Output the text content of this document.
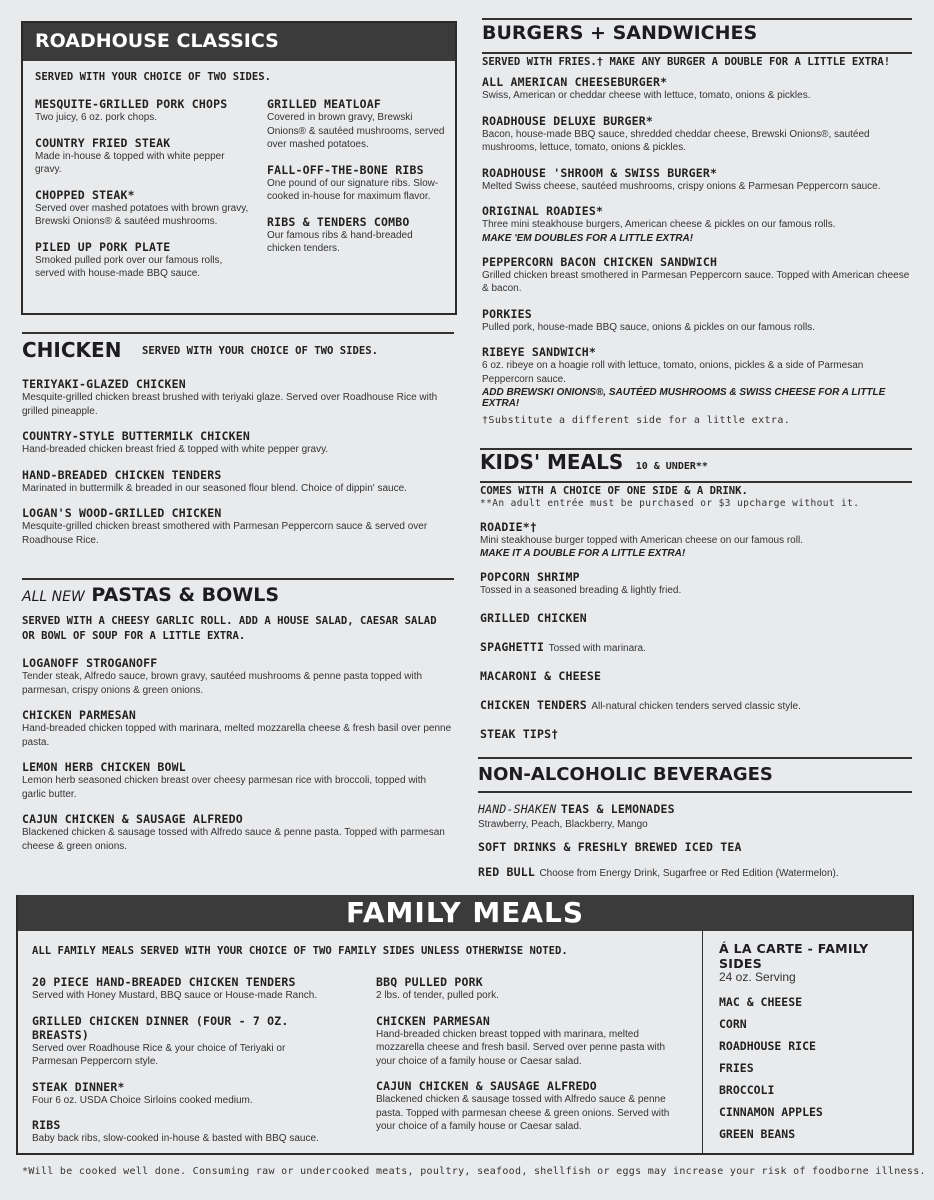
ROADHOUSE CLASSICS
SERVED WITH YOUR CHOICE OF TWO SIDES.
MESQUITE-GRILLED PORK CHOPS
Two juicy, 6 oz. pork chops.
COUNTRY FRIED STEAK
Made in-house & topped with white pepper gravy.
CHOPPED STEAK*
Served over mashed potatoes with brown gravy, Brewski Onions® & sautéed mushrooms.
PILED UP PORK PLATE
Smoked pulled pork over our famous rolls, served with house-made BBQ sauce.
GRILLED MEATLOAF
Covered in brown gravy, Brewski Onions® & sautéed mushrooms, served over mashed potatoes.
FALL-OFF-THE-BONE RIBS
One pound of our signature ribs. Slow-cooked in-house for maximum flavor.
RIBS & TENDERS COMBO
Our famous ribs & hand-breaded chicken tenders.
CHICKEN	SERVED WITH YOUR CHOICE OF TWO SIDES.
TERIYAKI-GLAZED CHICKEN
Mesquite-grilled chicken breast brushed with teriyaki glaze. Served over Roadhouse Rice with grilled pineapple.
COUNTRY-STYLE BUTTERMILK CHICKEN
Hand-breaded chicken breast fried & topped with white pepper gravy.
HAND-BREADED CHICKEN TENDERS
Marinated in buttermilk & breaded in our seasoned flour blend. Choice of dippin' sauce.
LOGAN'S WOOD-GRILLED CHICKEN
Mesquite-grilled chicken breast smothered with Parmesan Peppercorn sauce & served over Roadhouse Rice.
ALL NEW PASTAS & BOWLS
SERVED WITH A CHEESY GARLIC ROLL. ADD A HOUSE SALAD, CAESAR SALAD OR BOWL OF SOUP FOR A LITTLE EXTRA.
LOGANOFF STROGANOFF
Tender steak, Alfredo sauce, brown gravy, sautéed mushrooms & penne pasta topped with parmesan, crispy onions & green onions.
CHICKEN PARMESAN
Hand-breaded chicken topped with marinara, melted mozzarella cheese & fresh basil over penne pasta.
LEMON HERB CHICKEN BOWL
Lemon herb seasoned chicken breast over cheesy parmesan rice with broccoli, topped with garlic butter.
CAJUN CHICKEN & SAUSAGE ALFREDO
Blackened chicken & sausage tossed with Alfredo sauce & penne pasta. Topped with parmesan cheese & green onions.
BURGERS + SANDWICHES
SERVED WITH FRIES.† MAKE ANY BURGER A DOUBLE FOR A LITTLE EXTRA!
ALL AMERICAN CHEESEBURGER*
Swiss, American or cheddar cheese with lettuce, tomato, onions & pickles.
ROADHOUSE DELUXE BURGER*
Bacon, house-made BBQ sauce, shredded cheddar cheese, Brewski Onions®, sautéed mushrooms, lettuce, tomato, onions & pickles.
ROADHOUSE 'SHROOM & SWISS BURGER*
Melted Swiss cheese, sautéed mushrooms, crispy onions & Parmesan Peppercorn sauce.
ORIGINAL ROADIES*
Three mini steakhouse burgers, American cheese & pickles on our famous rolls.
MAKE 'EM DOUBLES FOR A LITTLE EXTRA!
PEPPERCORN BACON CHICKEN SANDWICH
Grilled chicken breast smothered in Parmesan Peppercorn sauce. Topped with American cheese & bacon.
PORKIES
Pulled pork, house-made BBQ sauce, onions & pickles on our famous rolls.
RIBEYE SANDWICH*
6 oz. ribeye on a hoagie roll with lettuce, tomato, onions, pickles & a side of Parmesan Peppercorn sauce.
ADD BREWSKI ONIONS®, SAUTÉED MUSHROOMS & SWISS CHEESE FOR A LITTLE EXTRA!
†Substitute a different side for a little extra.
KIDS' MEALS 10 & UNDER**
COMES WITH A CHOICE OF ONE SIDE & A DRINK.
**An adult entrée must be purchased or $3 upcharge without it.
ROADIE*†
Mini steakhouse burger topped with American cheese on our famous roll.
MAKE IT A DOUBLE FOR A LITTLE EXTRA!
POPCORN SHRIMP
Tossed in a seasoned breading & lightly fried.
GRILLED CHICKEN
SPAGHETTI Tossed with marinara.
MACARONI & CHEESE
CHICKEN TENDERS All-natural chicken tenders served classic style.
STEAK TIPS†
NON-ALCOHOLIC BEVERAGES
HAND-SHAKEN TEAS & LEMONADES
Strawberry, Peach, Blackberry, Mango
SOFT DRINKS & FRESHLY BREWED ICED TEA
RED BULL Choose from Energy Drink, Sugarfree or Red Edition (Watermelon).
FAMILY MEALS
ALL FAMILY MEALS SERVED WITH YOUR CHOICE OF TWO FAMILY SIDES UNLESS OTHERWISE NOTED.
20 PIECE HAND-BREADED CHICKEN TENDERS
Served with Honey Mustard, BBQ sauce or House-made Ranch.
GRILLED CHICKEN DINNER (FOUR - 7 OZ. BREASTS)
Served over Roadhouse Rice & your choice of Teriyaki or Parmesan Peppercorn style.
STEAK DINNER*
Four 6 oz. USDA Choice Sirloins cooked medium.
RIBS
Baby back ribs, slow-cooked in-house & basted with BBQ sauce.
BBQ PULLED PORK
2 lbs. of tender, pulled pork.
CHICKEN PARMESAN
Hand-breaded chicken breast topped with marinara, melted mozzarella cheese and fresh basil. Served over penne pasta with your choice of a family house or Caesar salad.
CAJUN CHICKEN & SAUSAGE ALFREDO
Blackened chicken & sausage tossed with Alfredo sauce & penne pasta. Topped with parmesan cheese & green onions. Served with your choice of a family house or Caesar salad.
Á LA CARTE - FAMILY SIDES
24 oz. Serving
MAC & CHEESE
CORN
ROADHOUSE RICE
FRIES
BROCCOLI
CINNAMON APPLES
GREEN BEANS
*Will be cooked well done. Consuming raw or undercooked meats, poultry, seafood, shellfish or eggs may increase your risk of foodborne illness.
